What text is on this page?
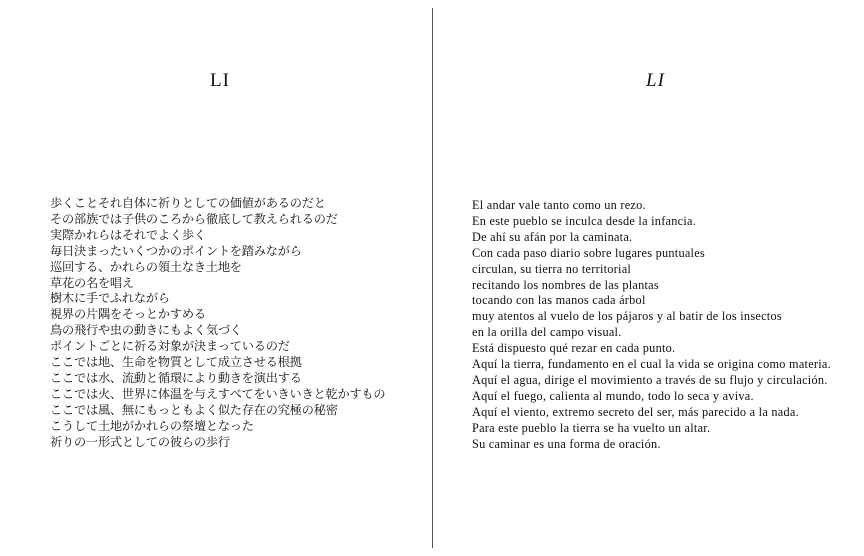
LI
歩くことそれ自体に祈りとしての価値があるのだと
その部族では子供のころから徹底して教えられるのだ
実際かれらはそれでよく歩く
毎日決まったいくつかのポイントを踏みながら
巡回する、かれらの領土なき土地を
草花の名を唱え
樹木に手でふれながら
視界の片隅をそっとかすめる
鳥の飛行や虫の動きにもよく気づく
ポイントごとに祈る対象が決まっているのだ
ここでは地、生命を物質として成立させる根拠
ここでは水、流動と循環により動きを演出する
ここでは火、世界に体温を与えすべてをいきいきと乾かすもの
ここでは風、無にもっともよく似た存在の究極の秘密
こうして土地がかれらの祭壇となった
祈りの一形式としての彼らの歩行
LI
El andar vale tanto como un rezo.
En este pueblo se inculca desde la infancia.
De ahí su afán por la caminata.
Con cada paso diario sobre lugares puntuales
circulan, su tierra no territorial
recitando los nombres de las plantas
tocando con las manos cada árbol
muy atentos al vuelo de los pájaros y al batir de los insectos
en la orilla del campo visual.
Está dispuesto qué rezar en cada punto.
Aquí la tierra, fundamento en el cual la vida se origina como materia.
Aquí el agua, dirige el movimiento a través de su flujo y circulación.
Aquí el fuego, calienta al mundo, todo lo seca y aviva.
Aquí el viento, extremo secreto del ser, más parecido a la nada.
Para este pueblo la tierra se ha vuelto un altar.
Su caminar es una forma de oración.
